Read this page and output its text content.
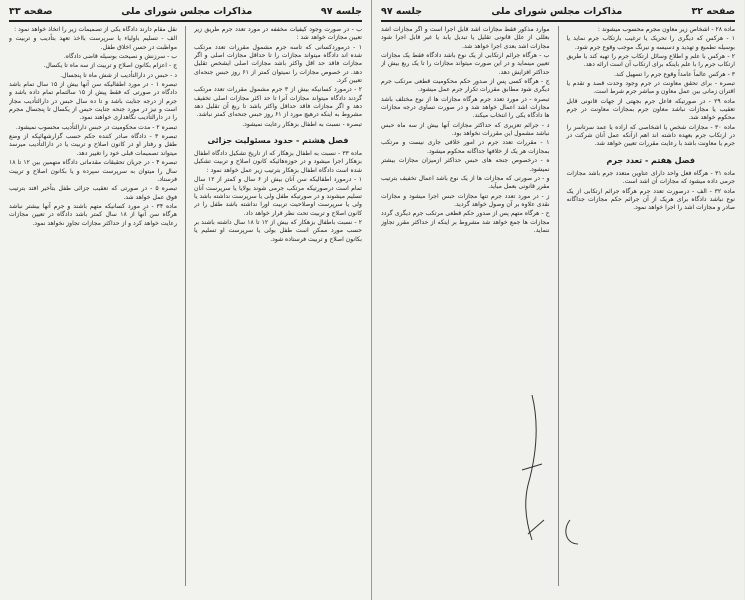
جلسه ۹۷
مذاکرات مجلس شورای ملی
صفحه ۳۳

ب - در صورت وجود کیفیات مخففه در مورد تعدد جرم طریق زیر تعیین مجازات خواهد شد :

۱ - درموردکسانی که تاسه جرم مشمول مقررات تعدد مرتکب شده اند دادگاه میتواند مجازات را تا حداقل مجازات اصلی و اگر مجازات فاقد حد اقل واکثر باشد مجازات اصلی ایشخص تقلیل دهد. در خصوص مجازات را نمیتوان کمتر از ۶۱ روز حبس جنحه‌ای تعیین کرد.

۲ - درمورد کسانیکه بیش از ۳ جرم مشمول مقررات تعدد مرتکب گردند دادگاه میتواند مجازات آنرا تا حد اکثر مجازات اصلی تخفیف دهد و اگر مجازات فاقد حداقل واکثر باشد تا ربع آن تقلیل دهد مشروط به اینکه درهیچ مورد از ۶۱ روز حبس جنحه‌ای کمتر نباشد.

تبصره - نسبت به اطفال بزهکار رعایت نمیشود.

فصل هشتم - حدود مسئولیت جزائی

ماده ۳۳ - نسبت به اطفال بزهکار که از تاریخ تشکیل دادگاه اطفال بزهکار اجرا میشود و در حوزه‌هائیکه کانون اصلاح و تربیت تشکیل شده است دادگاه اطفال بزهکار بترتیب زیر عمل خواهد نمود :

۱ - درمورد اطفالیکه سن آنان بیش از ۶ سال و کمتر از ۱۲ سال تمام است درصورتیکه مرتکب جرمی شوند بولایا یا سرپرست آنان تسلیم میشوند و در صورتیکه طفل ولی یا سرپرست نداشته باشد یا ولی یا سرپرست اوصلاحیت تربیت اورا نداشته باشد طفل را در کانون اصلاح و تربیت تحت نظر قرار خواهد داد.

۲ - نسبت باطفال بزهکار که بیش از ۱۲ تا ۱۸ سال داشته باشند بر حسب مورد ممکن است طفل بولی یا سرپرست او تسلیم یا بکانون اصلاح و تربیت فرستاده شود.

نقل مقام دارند دادگاه یکی از تصمیمات زیر را اتخاذ خواهد نمود :

الف - تسلیم باولیاء یا سرپرست بااخذ تعهد بتأدیب و تربیت و مواظبت در حسن اخلاق طفل.

ب - سرزنش و نصیحت بوسیله قاضی دادگاه.

ج - اعزام بکانون اصلاح و تربیت از سه ماه تا یکسال.

د - حبس در دارالتأدیب از شش ماه تا پنجسال.

تبصره ۱ - در مورد اطفالیکه سن آنها بیش از ۱۵ سال تمام باشد دادگاه در صورتی که فقط پیش از ۱۵ سالتمام تمام داده باشد و جرم از درجه جنایت باشد و تا ده سال حبس در دارالتأدیب مجاز است و نیز در مورد جنحه جنایت حبس از یکسال تا پنجسال مجرم را در دارالتأدیب نگاهداری خواهند نمود.

تبصره ۲ - مدت محکومیت در حبس دارالتأدیب محسوب نمیشود.

تبصره ۳ - دادگاه صادر کننده حکم حسب گزارشهائیکه از وضع طفل و رفتار او در کانون اصلاح و تربیت یا در دارالتأدیب میرسد میتواند تصمیمات قبلی خود را تغییر دهد.

تبصره ۴ - در جریان تحقیقات مقدماتی دادگاه متهمین بین ۱۲ تا ۱۸ سال را میتوان به سرپرست سپرده و یا بکانون اصلاح و تربیت فرستاد.

تبصره ۵ - در صورتی که تعقیب جزائی طفل بتأخیر افتد بترتیب فوق عمل خواهد شد.

ماده ۳۴ - در مورد کسانیکه متهم باشند و جرم آنها بیشتر نباشد هرگاه سن آنها از ۱۸ سال کمتر باشد دادگاه در تعیین مجازات رعایت خواهد کرد و از حداکثر مجازات تجاوز نخواهد نمود.

صفحه ۳۲
مذاکرات مجلس شورای ملی
جلسه ۹۷

ماده ۲۸ - اشخاص زیر معاون مجرم محسوب میشوند :

۱ - هرکس که دیگری را تحریک یا ترغیب بارتکاب جرم نماید یا بوسیله تطمیع و تهدید و دسیسه و نیرنگ موجب وقوع جرم شود.

۲ - هرکس با علم و اطلاع وسائل ارتکاب جرم را تهیه کند یا طریق ارتکاب جرم را با علم باینکه برای ارتکاب آن است ارائه دهد.

۳ - هرکس عالماً عامداً وقوع جرم را تسهیل کند.

تبصره - برای تحقق معاونت در جرم وجود وحدت قصد و تقدم یا اقتران زمانی بین عمل معاون و مباشر جرم شرط است.

ماده ۲۹ - در صورتیکه فاعل جرم بجهتی از جهات قانونی قابل تعقیب یا مجازات نباشد معاون جرم بمجازات معاونت در جرم محکوم خواهد شد.

ماده ۳۰ - مجازات شخص یا اشخاصی که اراده یا عمد سرتاسر را در ارتکاب جرم بعهده داشته اند اهم ازآنکه عمل آنان شرکت در جرم یا معاونت باشد با رعایت مقررات تعیین خواهد شد.

فصل هفتم - تعدد جرم

ماده ۳۱ - هرگاه فعل واحد دارای عناوین متعدد جرم باشد مجازات جرمی داده میشود که مجازات آن اشد است.

ماده ۳۲ - الف - درصورت تعدد جرم هرگاه جرائم ارتکابی از یک نوع نباشد دادگاه برای هریک از آن جرائم حکم مجازات جداگانه صادر و مجازات اشد را اجرا خواهد نمود.

موارد مذکور فقط مجازات اشد قابل اجرا است و اگر مجازات اشد بعللی از علل قانونی تقلیل یا تبدیل یابد یا غیر قابل اجرا شود مجازات اشد بعدی اجرا خواهد شد.

ب - هرگاه جرائم ارتکابی از یک نوع باشد دادگاه فقط یک مجازات تعیین مینماید و در این صورت میتواند مجازات را تا یک ربع بیش از حداکثر افزایش دهد.

ج - هرگاه کسی پس از صدور حکم محکومیت قطعی مرتکب جرم دیگری شود مطابق مقررات تکرار جرم عمل میشود.

تبصره - در مورد تعدد جرم هرگاه مجازات ها از نوع مختلف باشد مجازات اشد اعمال خواهد شد و در صورت تساوی درجه مجازات ها دادگاه یکی را انتخاب میکند.

د - جرائم تعزیری که حداکثر مجازات آنها بیش از سه ماه حبس نباشد مشمول این مقررات نخواهد بود.

۱ - مقررات تعدد جرم در امور خلافی جاری نیست و مرتکب بمجازات هر یک از خلافها جداگانه محکوم میشود.

ه - درخصوص جنحه های حبس حداکثر ازمیزان مجازات بیشتر نمیشود.

و - در صورتی که مجازات ها از یک نوع باشد اعمال تخفیف بترتیب مقرر قانونی بعمل میآید.

ز - در مورد تعدد جرم تنها مجازات حبس اجرا میشود و مجازات نقدی علاوه بر آن وصول خواهد گردید.

ح - هرگاه متهم پس از صدور حکم قطعی مرتکب جرم دیگری گردد مجازات ها جمع خواهد شد مشروط بر اینکه از حداکثر مقرر تجاوز ننماید.
